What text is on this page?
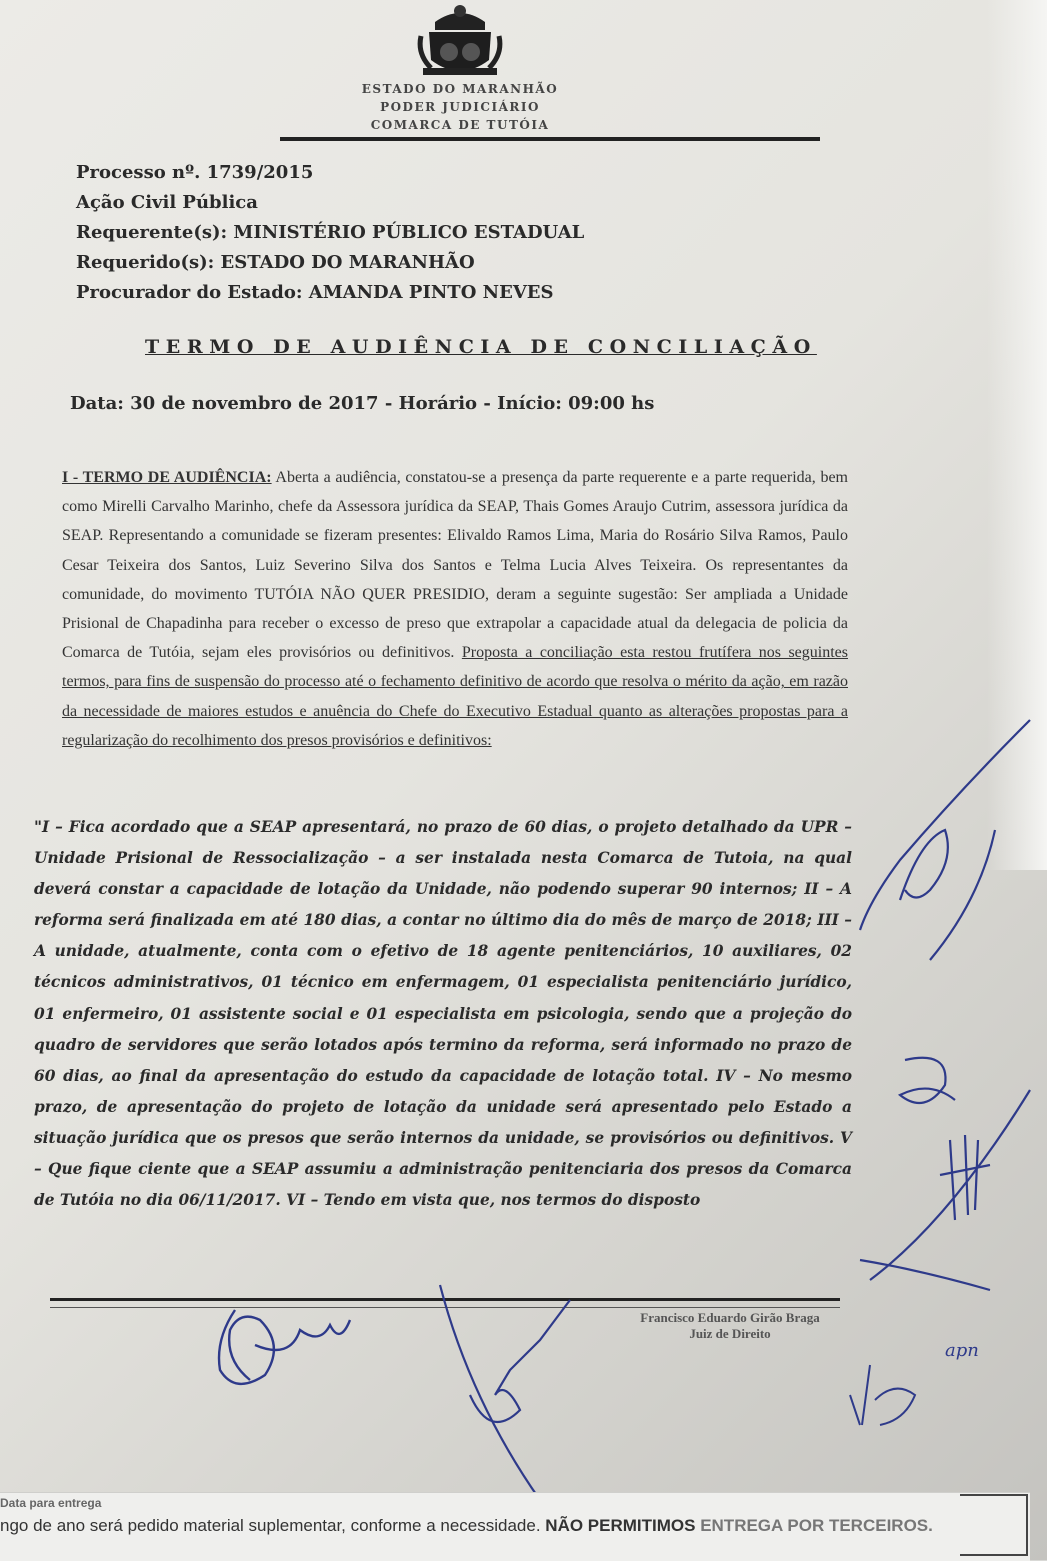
ESTADO DO MARANHÃO
PODER JUDICIÁRIO
COMARCA DE TUTÓIA
Processo nº. 1739/2015
Ação Civil Pública
Requerente(s): MINISTÉRIO PÚBLICO ESTADUAL
Requerido(s): ESTADO DO MARANHÃO
Procurador do Estado: AMANDA PINTO NEVES
TERMO DE AUDIÊNCIA DE CONCILIAÇÃO
Data: 30 de novembro de 2017 - Horário - Início: 09:00 hs
I - TERMO DE AUDIÊNCIA: Aberta a audiência, constatou-se a presença da parte requerente e a parte requerida, bem como Mirelli Carvalho Marinho, chefe da Assessora jurídica da SEAP, Thais Gomes Araujo Cutrim, assessora jurídica da SEAP. Representando a comunidade se fizeram presentes: Elivaldo Ramos Lima, Maria do Rosário Silva Ramos, Paulo Cesar Teixeira dos Santos, Luiz Severino Silva dos Santos e Telma Lucia Alves Teixeira. Os representantes da comunidade, do movimento TUTÓIA NÃO QUER PRESIDIO, deram a seguinte sugestão: Ser ampliada a Unidade Prisional de Chapadinha para receber o excesso de preso que extrapolar a capacidade atual da delegacia de policia da Comarca de Tutóia, sejam eles provisórios ou definitivos. Proposta a conciliação esta restou frutífera nos seguintes termos, para fins de suspensão do processo até o fechamento definitivo de acordo que resolva o mérito da ação, em razão da necessidade de maiores estudos e anuência do Chefe do Executivo Estadual quanto as alterações propostas para a regularização do recolhimento dos presos provisórios e definitivos:
"I – Fica acordado que a SEAP apresentará, no prazo de 60 dias, o projeto detalhado da UPR – Unidade Prisional de Ressocialização – a ser instalada nesta Comarca de Tutoia, na qual deverá constar a capacidade de lotação da Unidade, não podendo superar 90 internos; II – A reforma será finalizada em até 180 dias, a contar no último dia do mês de março de 2018; III – A unidade, atualmente, conta com o efetivo de 18 agente penitenciários, 10 auxiliares, 02 técnicos administrativos, 01 técnico em enfermagem, 01 especialista penitenciário jurídico, 01 enfermeiro, 01 assistente social e 01 especialista em psicologia, sendo que a projeção do quadro de servidores que serão lotados após termino da reforma, será informado no prazo de 60 dias, ao final da apresentação do estudo da capacidade de lotação total. IV – No mesmo prazo, de apresentação do projeto de lotação da unidade será apresentado pelo Estado a situação jurídica que os presos que serão internos da unidade, se provisórios ou definitivos. V – Que fique ciente que a SEAP assumiu a administração penitenciaria dos presos da Comarca de Tutóia no dia 06/11/2017. VI – Tendo em vista que, nos termos do disposto
Francisco Eduardo Girão Braga
Juiz de Direito
apn
Data para entrega
ngo de ano será pedido material suplementar, conforme a necessidade. NÃO PERMITIMOS ENTREGA POR TERCEIROS.
